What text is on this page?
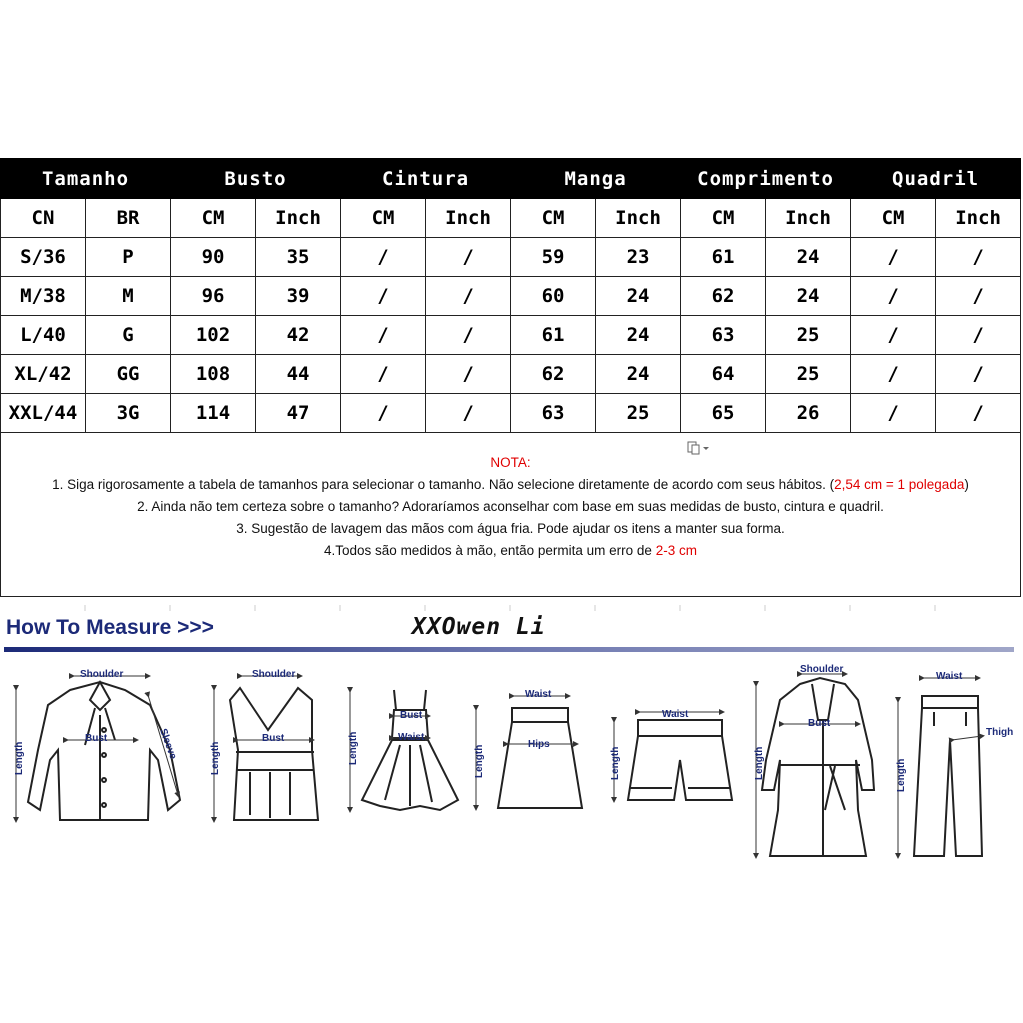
Tamanho		Busto		Cintura		Manga		Comprimento		Quadril	
CN	BR	CM	Inch	CM	Inch	CM	Inch	CM	Inch	CM	Inch
S/36	P	90	35	/	/	59	23	61	24	/	/
M/38	M	96	39	/	/	60	24	62	24	/	/
L/40	G	102	42	/	/	61	24	63	25	/	/
XL/42	GG	108	44	/	/	62	24	64	25	/	/
XXL/44	3G	114	47	/	/	63	25	65	26	/	/
NOTA:
1. Siga rigorosamente a tabela de tamanhos para selecionar o tamanho. Não selecione diretamente de acordo com seus hábitos. (2,54 cm = 1 polegada)
2. Ainda não tem certeza sobre o tamanho? Adoraríamos aconselhar com base em suas medidas de busto, cintura e quadril.
3. Sugestão de lavagem das mãos com água fria. Pode ajudar os itens a manter sua forma.
4.Todos são medidos à mão, então permita um erro de 2-3 cm
How To Measure >>>	XXOwen Li
Shoulder
Bust
Length	Sleeve
Shoulder
Bust
Length
Bust
Waist
Length
Waist
Hips
Length
Waist
Length
Shoulder
Bust
Length
Waist
Thigh
Length
